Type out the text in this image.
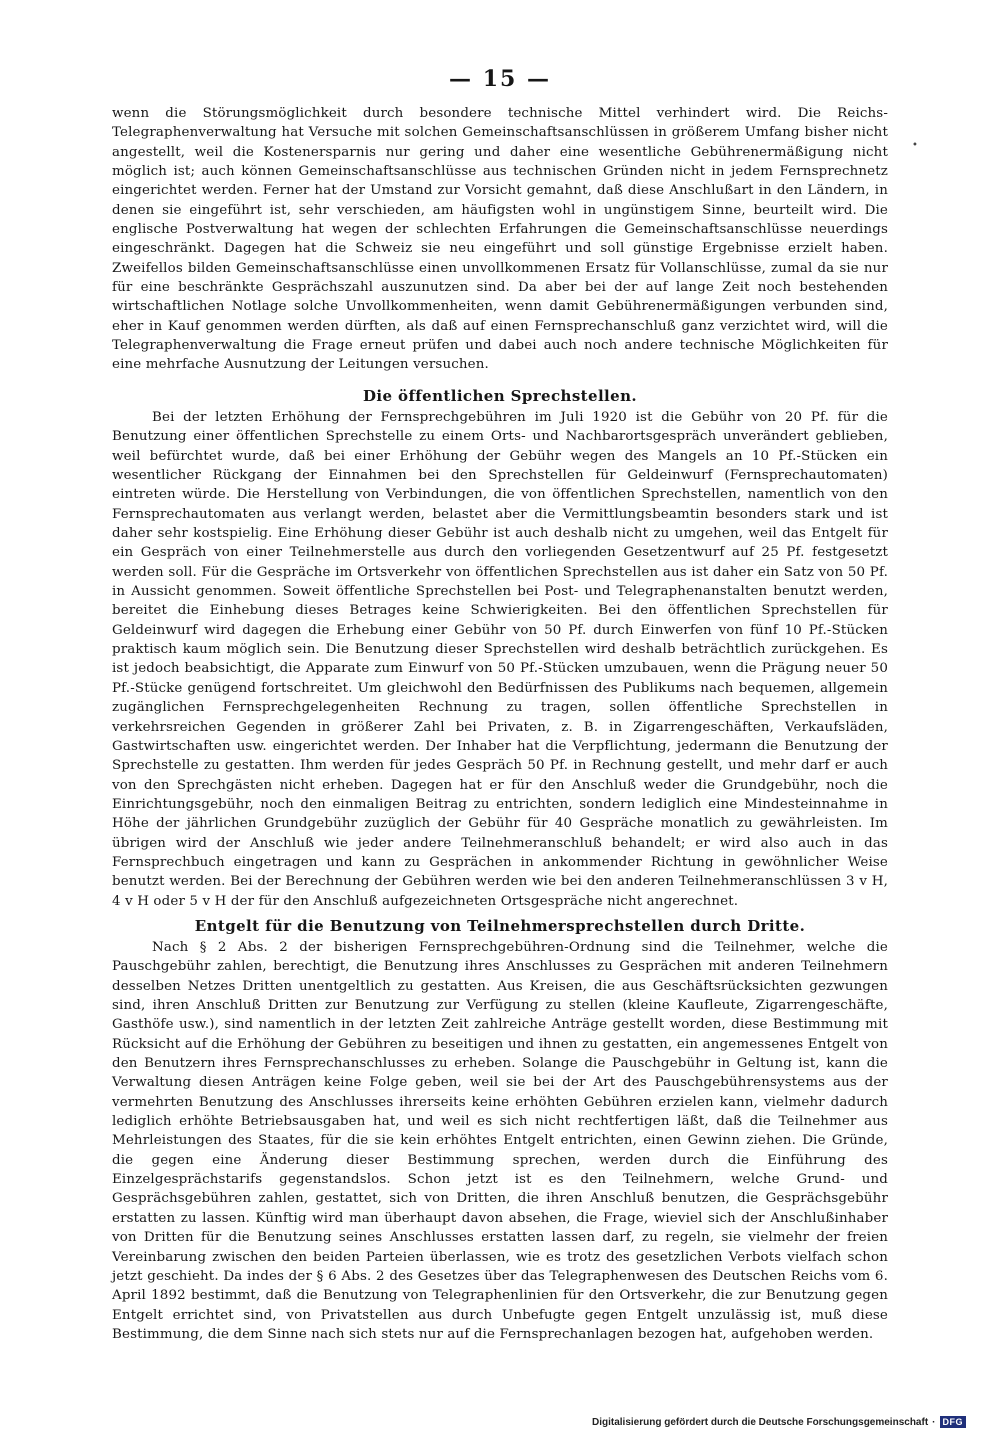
— 15 —
•

wenn die Störungsmöglichkeit durch besondere technische Mittel verhindert wird. Die Reichs-Telegraphenverwaltung hat Versuche mit solchen Gemeinschaftsanschlüssen in größerem Umfang bisher nicht angestellt, weil die Kostenersparnis nur gering und daher eine wesentliche Gebührenermäßigung nicht möglich ist; auch können Gemeinschaftsanschlüsse aus technischen Gründen nicht in jedem Fernsprechnetz eingerichtet werden. Ferner hat der Umstand zur Vorsicht gemahnt, daß diese Anschlußart in den Ländern, in denen sie eingeführt ist, sehr verschieden, am häufigsten wohl in ungünstigem Sinne, beurteilt wird. Die englische Postverwaltung hat wegen der schlechten Erfahrungen die Gemeinschaftsanschlüsse neuerdings eingeschränkt. Dagegen hat die Schweiz sie neu eingeführt und soll günstige Ergebnisse erzielt haben. Zweifellos bilden Gemeinschaftsanschlüsse einen unvollkommenen Ersatz für Vollanschlüsse, zumal da sie nur für eine beschränkte Gesprächszahl auszunutzen sind. Da aber bei der auf lange Zeit noch bestehenden wirtschaftlichen Notlage solche Unvollkommenheiten, wenn damit Gebührenermäßigungen verbunden sind, eher in Kauf genommen werden dürften, als daß auf einen Fernsprechanschluß ganz verzichtet wird, will die Telegraphenverwaltung die Frage erneut prüfen und dabei auch noch andere technische Möglichkeiten für eine mehrfache Ausnutzung der Leitungen versuchen.

Die öffentlichen Sprechstellen.

Bei der letzten Erhöhung der Fernsprechgebühren im Juli 1920 ist die Gebühr von 20 Pf. für die Benutzung einer öffentlichen Sprechstelle zu einem Orts- und Nachbarortsgespräch unverändert geblieben, weil befürchtet wurde, daß bei einer Erhöhung der Gebühr wegen des Mangels an 10 Pf.-Stücken ein wesentlicher Rückgang der Einnahmen bei den Sprechstellen für Geldeinwurf (Fernsprechautomaten) eintreten würde. Die Herstellung von Verbindungen, die von öffentlichen Sprechstellen, namentlich von den Fernsprechautomaten aus verlangt werden, belastet aber die Vermittlungsbeamtin besonders stark und ist daher sehr kostspielig. Eine Erhöhung dieser Gebühr ist auch deshalb nicht zu umgehen, weil das Entgelt für ein Gespräch von einer Teilnehmerstelle aus durch den vorliegenden Gesetzentwurf auf 25 Pf. festgesetzt werden soll. Für die Gespräche im Ortsverkehr von öffentlichen Sprechstellen aus ist daher ein Satz von 50 Pf. in Aussicht genommen. Soweit öffentliche Sprechstellen bei Post- und Telegraphenanstalten benutzt werden, bereitet die Einhebung dieses Betrages keine Schwierigkeiten. Bei den öffentlichen Sprechstellen für Geldeinwurf wird dagegen die Erhebung einer Gebühr von 50 Pf. durch Einwerfen von fünf 10 Pf.-Stücken praktisch kaum möglich sein. Die Benutzung dieser Sprechstellen wird deshalb beträchtlich zurückgehen. Es ist jedoch beabsichtigt, die Apparate zum Einwurf von 50 Pf.-Stücken umzubauen, wenn die Prägung neuer 50 Pf.-Stücke genügend fortschreitet. Um gleichwohl den Bedürfnissen des Publikums nach bequemen, allgemein zugänglichen Fernsprechgelegenheiten Rechnung zu tragen, sollen öffentliche Sprechstellen in verkehrsreichen Gegenden in größerer Zahl bei Privaten, z. B. in Zigarrengeschäften, Verkaufsläden, Gastwirtschaften usw. eingerichtet werden. Der Inhaber hat die Verpflichtung, jedermann die Benutzung der Sprechstelle zu gestatten. Ihm werden für jedes Gespräch 50 Pf. in Rechnung gestellt, und mehr darf er auch von den Sprechgästen nicht erheben. Dagegen hat er für den Anschluß weder die Grundgebühr, noch die Einrichtungsgebühr, noch den einmaligen Beitrag zu entrichten, sondern lediglich eine Mindesteinnahme in Höhe der jährlichen Grundgebühr zuzüglich der Gebühr für 40 Gespräche monatlich zu gewährleisten. Im übrigen wird der Anschluß wie jeder andere Teilnehmeranschluß behandelt; er wird also auch in das Fernsprechbuch eingetragen und kann zu Gesprächen in ankommender Richtung in gewöhnlicher Weise benutzt werden. Bei der Berechnung der Gebühren werden wie bei den anderen Teilnehmeranschlüssen 3 v H, 4 v H oder 5 v H der für den Anschluß aufgezeichneten Ortsgespräche nicht angerechnet.

Entgelt für die Benutzung von Teilnehmersprechstellen durch Dritte.

Nach § 2 Abs. 2 der bisherigen Fernsprechgebühren-Ordnung sind die Teilnehmer, welche die Pauschgebühr zahlen, berechtigt, die Benutzung ihres Anschlusses zu Gesprächen mit anderen Teilnehmern desselben Netzes Dritten unentgeltlich zu gestatten. Aus Kreisen, die aus Geschäftsrücksichten gezwungen sind, ihren Anschluß Dritten zur Benutzung zur Verfügung zu stellen (kleine Kaufleute, Zigarrengeschäfte, Gasthöfe usw.), sind namentlich in der letzten Zeit zahlreiche Anträge gestellt worden, diese Bestimmung mit Rücksicht auf die Erhöhung der Gebühren zu beseitigen und ihnen zu gestatten, ein angemessenes Entgelt von den Benutzern ihres Fernsprechanschlusses zu erheben. Solange die Pauschgebühr in Geltung ist, kann die Verwaltung diesen Anträgen keine Folge geben, weil sie bei der Art des Pauschgebührensystems aus der vermehrten Benutzung des Anschlusses ihrerseits keine erhöhten Gebühren erzielen kann, vielmehr dadurch lediglich erhöhte Betriebsausgaben hat, und weil es sich nicht rechtfertigen läßt, daß die Teilnehmer aus Mehrleistungen des Staates, für die sie kein erhöhtes Entgelt entrichten, einen Gewinn ziehen. Die Gründe, die gegen eine Änderung dieser Bestimmung sprechen, werden durch die Einführung des Einzelgesprächstarifs gegenstandslos. Schon jetzt ist es den Teilnehmern, welche Grund- und Gesprächsgebühren zahlen, gestattet, sich von Dritten, die ihren Anschluß benutzen, die Gesprächsgebühr erstatten zu lassen. Künftig wird man überhaupt davon absehen, die Frage, wieviel sich der Anschlußinhaber von Dritten für die Benutzung seines Anschlusses erstatten lassen darf, zu regeln, sie vielmehr der freien Vereinbarung zwischen den beiden Parteien überlassen, wie es trotz des gesetzlichen Verbots vielfach schon jetzt geschieht. Da indes der § 6 Abs. 2 des Gesetzes über das Telegraphenwesen des Deutschen Reichs vom 6. April 1892 bestimmt, daß die Benutzung von Telegraphenlinien für den Ortsverkehr, die zur Benutzung gegen Entgelt errichtet sind, von Privatstellen aus durch Unbefugte gegen Entgelt unzulässig ist, muß diese Bestimmung, die dem Sinne nach sich stets nur auf die Fernsprechanlagen bezogen hat, aufgehoben werden.

Digitalisierung gefördert durch die Deutsche Forschungsgemeinschaft · DFG
